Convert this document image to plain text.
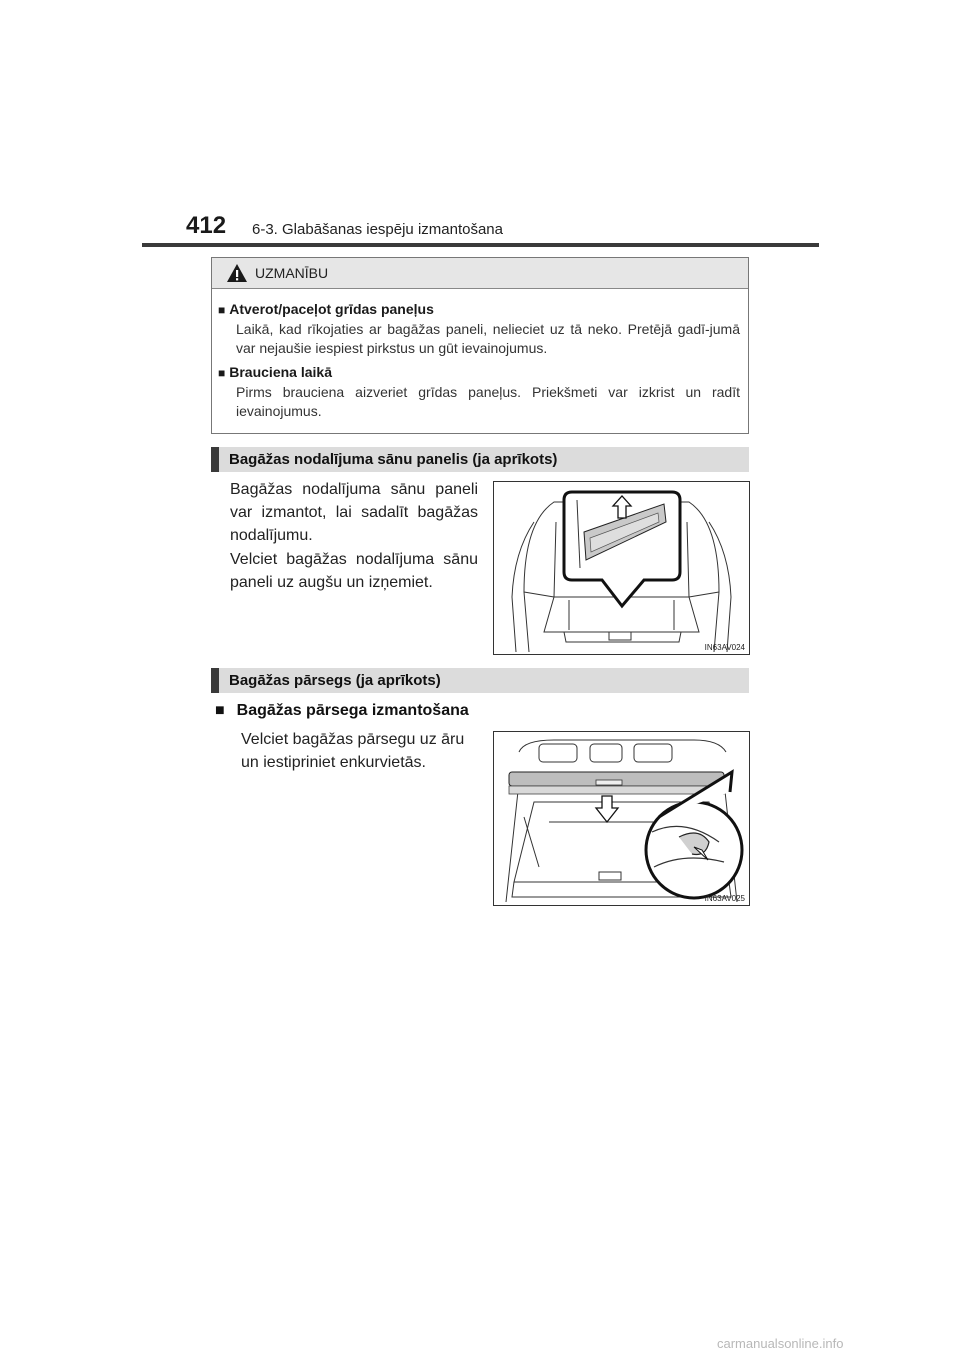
412 6-3. Glabāšanas iespēju izmantošana
UZMANĪBU
■ Atverot/paceļot grīdas paneļus
Laikā, kad rīkojaties ar bagāžas paneli, nelieciet uz tā neko. Pretējā gadī-jumā var nejaušie iespiest pirkstus un gūt ievainojumus.
■ Brauciena laikā
Pirms brauciena aizveriet grīdas paneļus. Priekšmeti var izkrist un radīt ievainojumus.
Bagāžas nodalījuma sānu panelis (ja aprīkots)
Bagāžas nodalījuma sānu paneli var izmantot, lai sadalīt bagāžas nodalījumu.
Velciet bagāžas nodalījuma sānu paneli uz augšu un izņemiet.
IN63AV024
Bagāžas pārsegs (ja aprīkots)
■ Bagāžas pārsega izmantošana
Velciet bagāžas pārsegu uz āru un iestipriniet enkurvietās.
IN63AV025
carmanualsonline.info
